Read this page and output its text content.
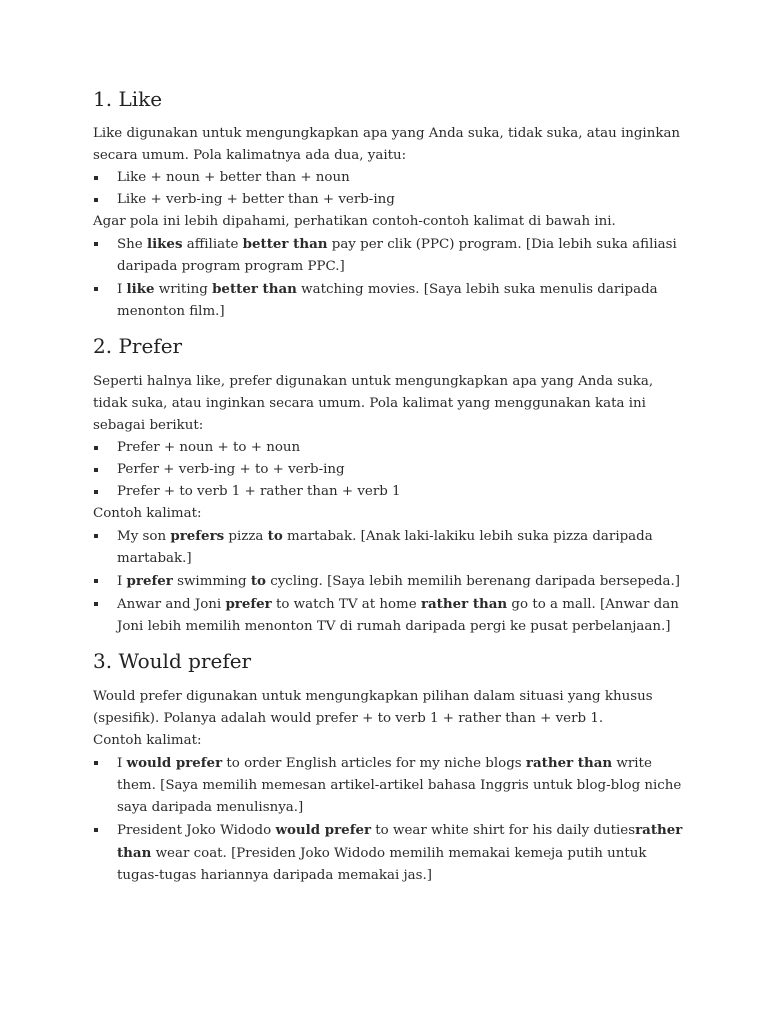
1. Like

Like digunakan untuk mengungkapkan apa yang Anda suka, tidak suka, atau inginkan secara umum. Pola kalimatnya ada dua, yaitu:

Like + noun + better than + noun
Like + verb-ing + better than + verb-ing

Agar pola ini lebih dipahami, perhatikan contoh-contoh kalimat di bawah ini.

She likes affiliate better than pay per clik (PPC) program. [Dia lebih suka afiliasi daripada program program PPC.]
I like writing better than watching movies. [Saya lebih suka menulis daripada menonton film.]
2. Prefer

Seperti halnya like, prefer digunakan untuk mengungkapkan apa yang Anda suka, tidak suka, atau inginkan secara umum. Pola kalimat yang menggunakan kata ini sebagai berikut:

Prefer + noun + to + noun
Perfer + verb-ing + to + verb-ing
Prefer + to verb 1 + rather than + verb 1

Contoh kalimat:

My son prefers pizza to martabak. [Anak laki-lakiku lebih suka pizza daripada martabak.]
I prefer swimming to cycling. [Saya lebih memilih berenang daripada bersepeda.]
Anwar and Joni prefer to watch TV at home rather than go to a mall. [Anwar dan Joni lebih memilih menonton TV di rumah daripada pergi ke pusat perbelanjaan.]
3. Would prefer

Would prefer digunakan untuk mengungkapkan pilihan dalam situasi yang khusus (spesifik). Polanya adalah would prefer + to verb 1 + rather than + verb 1.

Contoh kalimat:

I would prefer to order English articles for my niche blogs rather than write them. [Saya memilih memesan artikel-artikel bahasa Inggris untuk blog-blog niche saya daripada menulisnya.]
President Joko Widodo would prefer to wear white shirt for his daily dutiesrather than wear coat. [Presiden Joko Widodo memilih memakai kemeja putih untuk tugas-tugas hariannya daripada memakai jas.]
